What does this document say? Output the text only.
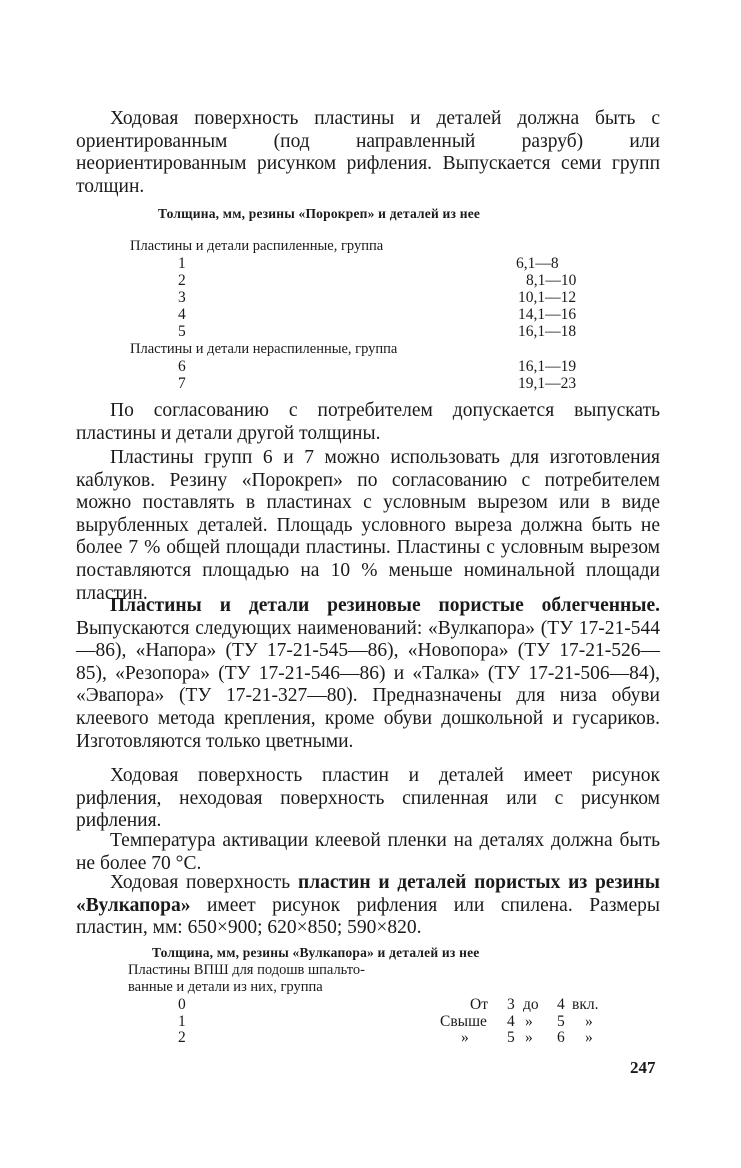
Ходовая поверхность пластины и деталей должна быть с ориентированным (под направленный разруб) или неориентированным рисунком рифления. Выпускается семи групп толщин.

Толщина, мм, резины «Порокреп» и деталей из нее
Пластины и детали распиленные, группа
1	6,1—8
2	8,1—10
3	10,1—12
4	14,1—16
5	16,1—18
Пластины и детали нераспиленные, группа
6	16,1—19
7	19,1—23

По согласованию с потребителем допускается выпускать пластины и детали другой толщины.

Пластины групп 6 и 7 можно использовать для изготовления каблуков. Резину «Порокреп» по согласованию с потребителем можно поставлять в пластинах с условным вырезом или в виде вырубленных деталей. Площадь условного выреза должна быть не более 7 % общей площади пластины. Пластины с условным вырезом поставляются площадью на 10 % меньше номинальной площади пластин.

Пластины и детали резиновые пористые облегченные. Выпускаются следующих наименований: «Вулкапора» (ТУ 17-21-544—86), «Напора» (ТУ 17-21-545—86), «Новопора» (ТУ 17-21-526—85), «Резопора» (ТУ 17-21-546—86) и «Талка» (ТУ 17-21-506—84), «Эвапора» (ТУ 17-21-327—80). Предназначены для низа обуви клеевого метода крепления, кроме обуви дошкольной и гусариков. Изготовляются только цветными.

Ходовая поверхность пластин и деталей имеет рисунок рифления, неходовая поверхность спиленная или с рисунком рифления.

Температура активации клеевой пленки на деталях должна быть не более 70 °С.

Ходовая поверхность пластин и деталей пористых из резины «Вулкапора» имеет рисунок рифления или спилена. Размеры пластин, мм: 650×900; 620×850; 590×820.

Толщина, мм, резины «Вулкапора» и деталей из нее
Пластины ВПШ для подошв шпальто-
ванные и детали из них, группа
0	От 3 до 4 вкл.
1	Свыше 4 » 5 »
2	» 5 » 6 »
247
